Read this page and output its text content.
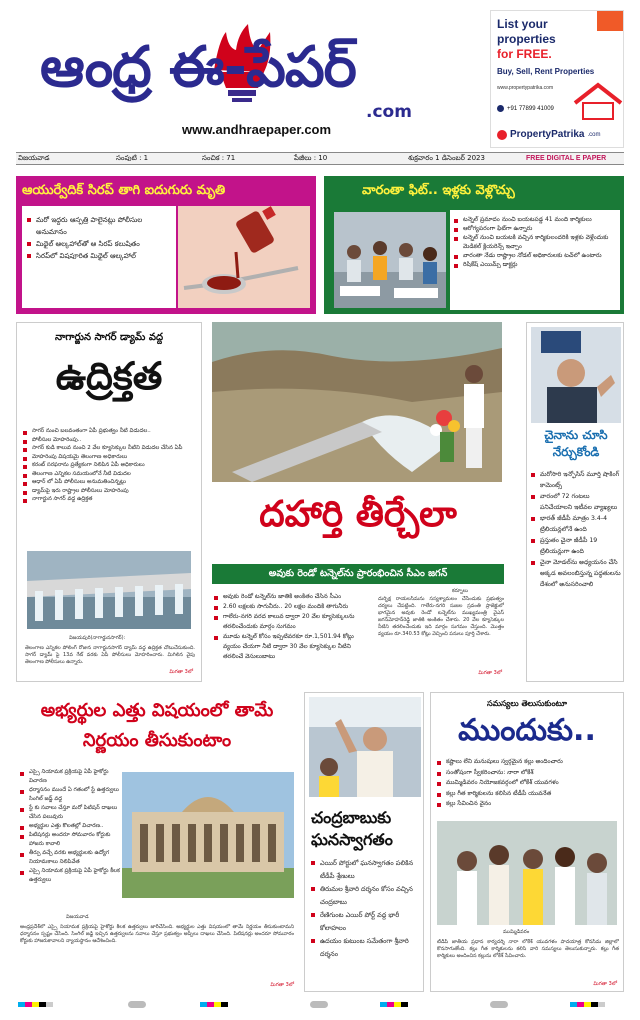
ఆంధ్ర ఈ-పేపర్
.com
www.andhraepaper.com
List your
properties
for FREE.
Buy, Sell, Rent Properties
www.propertypatrika.com
+91 77899 41009
PropertyPatrika .com
విజయవాడ	సంపుటి : 1	సంచిక : 71	పేజీలు : 10	శుక్రవారం 1 డిసెంబర్ 2023	FREE DIGITAL E PAPER
ఆయుర్వేదిక్ సిరప్ తాగి ఐదుగురు మృతి
మరో ఇద్దరు ఆస్పత్రి పాలైనట్లు పోలీసుల అనుమానం
మిథైల్ ఆల్కహాల్‌తో ఆ సిరప్ కలుషితం
సిరప్‌లో విషపూరిత మిథైల్ ఆల్కహాల్
వారంతా ఫిట్.. ఇళ్లకు వెళ్లొచ్చు
టన్నెల్ ప్రమాదం నుంచి బయటపడ్డ 41 మంది కార్మికులు
ఆరోగ్యపరంగా ఫిట్‌గా ఉన్నారు
టన్నెల్ నుంచి బయటకి వచ్చిన కార్మికులందరికి ఇళ్లకు వెళ్లేందుకు మెడికల్ క్లియరెన్స్ ఇచ్చాం
వారంతా నేడు రాష్ట్రాల నోడల్ అధికారులకు టచ్‌లో ఉంటారు
రిషికేష్ ఎయిమ్స్ డాక్టర్లు
నాగార్జున సాగర్ డ్యామ్ వద్ద
ఉద్రిక్తత
సాగర్ నుంచి బలవంతంగా ఏపీ ప్రభుత్వం నీటి విడుదల..
పోలీసుల మోహరింపు..
సాగర్ కుడి కాలువ నుంచి 2 వేల క్యూసెక్కుల నీటిని విడుదల చేసిన ఏపీ
మోహరింపు విషయమై తెలంగాణ అధికారులు
కరంట్ సరఫరాను ప్రత్యేకంగా నిలిపిన ఏపీ అధికారులు
తెలంగాణ ఎన్నికల సమయంలోనే నీటి విడుదల
ఆధార్ లో ఏపీ పోలీసులు అనుమతించిన్నట్లు
డ్యామ్‌పై ఇరు రాష్ట్రాల పోలీసులు మోహరింపు
నాగార్జున సాగర్ వద్ద ఉద్రిక్తత
విజయపురి(నాగార్జునసాగర్):
తెలంగాణ ఎన్నికల పోలింగ్ రోజున నాగార్జునసాగర్ డ్యామ్ వద్ద ఉద్రిక్తత చోటుచేసుకుంది. సాగర్ డ్యామ్ పై 13వ గేట్ వరకు ఏపీ పోలీసులు మోహరించారు. మిగిలిన వైపు తెలంగాణ పోలీసులు ఉన్నారు.
మిగతా 3లో
దహార్తి తీర్చేలా
అవుకు రెండో టన్నెల్‌ను ప్రారంభించిన సీఎం జగన్
అవుకు రెండో టన్నెల్‌ను జాతికి అంకితం చేసిన సీఎం
2.60 లక్షలకు సాగునీరు.. 20 లక్షల మందికి తాగునీరు
గాలేరు-నగరి వరద కాలువ ద్వారా 20 వేల క్యూసెక్కులను తరలించేందుకు మార్గం సుగమం
మూడు టన్నెల్ కోసం ఇప్పటివరకూ రూ.1,501.94 కోట్లు వ్యయం చేయగా నీటి ద్వారా 30 వేల క్యూసెక్కుల నీటిని తరలించే వెసులుబాటు
కర్నూలు
దుర్భిక్ష రాయలసీమను సస్యశ్యామలం చేసేందుకు ప్రభుత్వం చర్యలు చేపట్టింది. గాలేరు-నగరి సుజల స్రవంతి ప్రాజెక్టులో భాగమైన అవుకు రెండో టన్నెల్‌ను ముఖ్యమంత్రి వైఎస్ జగన్‌మోహన్‌రెడ్డి జాతికి అంకితం చేశారు. 20 వేల క్యూసెక్కుల నీటిని తరలించేందుకు ఇది మార్గం సుగమం చేస్తుంది. మొత్తం వ్యయం రూ.340.53 కోట్లు వెచ్చించి పనులు పూర్తి చేశారు.
మిగతా 3లో
చైనాను చూసి నేర్చుకోండి
మరోసారి ఇన్ఫోసిస్ మూర్తి షాకింగ్ కామెంట్స్
వారంలో 72 గంటలు పనిచేయాలని ఇటీవల వ్యాఖ్యలు
భారత్ జీడీపీ మాత్రం 3.4-4 ట్రిలియన్లలోనే ఉంది
ప్రస్తుతం చైనా జీడీపీ 19 ట్రిలియన్లుగా ఉంది
చైనా మోడల్‌ను అధ్యయనం చేసి అక్కడ అవలంబిస్తున్న పద్ధతులను దేశంలో అనుసరించాలి
అభ్యర్థుల ఎత్తు విషయంలో తామే నిర్ణయం తీసుకుంటాం
ఎస్సై నియామక ప్రక్రియపై ఏపీ హైకోర్టు విచారణ
ధర్మాసనం ముందే ఏ గతంలో స్టే ఉత్తర్వులు సింగిల్ జడ్జ్ వద్ద
స్టే కు సవాలు చేస్తూ మరో పిటిషన్ దాఖలు చేసిన పలువురు
అభ్యర్థుల ఎత్తు కొలతల్లో విచారణ..
పిటిషనర్లు అందరూ సోమవారం కోర్టుకు హాజరు కావాలి
తీర్పు వచ్చే వరకు అభ్యర్థులకు ఉద్యోగ నియామకాలు నిలిపివేత
ఎస్సై నియామక ప్రక్రియపై ఏపీ హైకోర్టు కీలక ఉత్తర్వులు
విజయవాడ
ఆంధ్రప్రదేశ్‌లో ఎస్సై నియామక ప్రక్రియపై హైకోర్టు కీలక ఉత్తర్వులు జారీచేసింది. అభ్యర్థుల ఎత్తు విషయంలో తామే నిర్ణయం తీసుకుంటామని ధర్మాసనం స్పష్టం చేసింది. సింగిల్ జడ్జి ఇచ్చిన ఉత్తర్వులను సవాలు చేస్తూ ప్రభుత్వం అప్పీలు దాఖలు చేసింది. పిటిషనర్లు అందరూ సోమవారం కోర్టుకు హాజరుకావాలని న్యాయస్థానం ఆదేశించింది.
మిగతా 3లో
చంద్రబాబుకు ఘనస్వాగతం
ఎయిర్ పోర్టులో ఘనస్వాగతం పలికిన టీడీపీ శ్రేణులు
తిరుమల శ్రీవారి దర్శనం కోసం వచ్చిన చంద్రబాబు
రేణిగుంట ఎయిర్ పోర్ట్ వద్ద భారీ కోలాహలం
ఉదయం కుటుంబ సమేతంగా శ్రీవారి దర్శనం
సమస్యలు తెలుసుకుంటూ
ముందుకు..
కష్టాలు లేని మనుషులు స్వర్గమైన కల్లు అందించారు
సంతోషంగా స్వీకరించాను: నారా లోకేశ్
ముమ్మిడివరం నియోజకవర్గంలో లోకేశ్ యువగళం
కల్లు గీత కార్మికులను కలిసిన టీడీపీ యువనేత
కల్లు సేవించిన వైనం
ముమ్మిడివరం
టీడీపీ జాతీయ ప్రధాన కార్యదర్శి నారా లోకేశ్ యువగళం పాదయాత్ర కోనసీమ జిల్లాలో కొనసాగుతోంది. కల్లు గీత కార్మికులను కలిసి వారి సమస్యలు తెలుసుకున్నారు. కల్లు గీత కార్మికులు అందించిన కల్లును లోకేశ్ సేవించారు.
మిగతా 3లో
